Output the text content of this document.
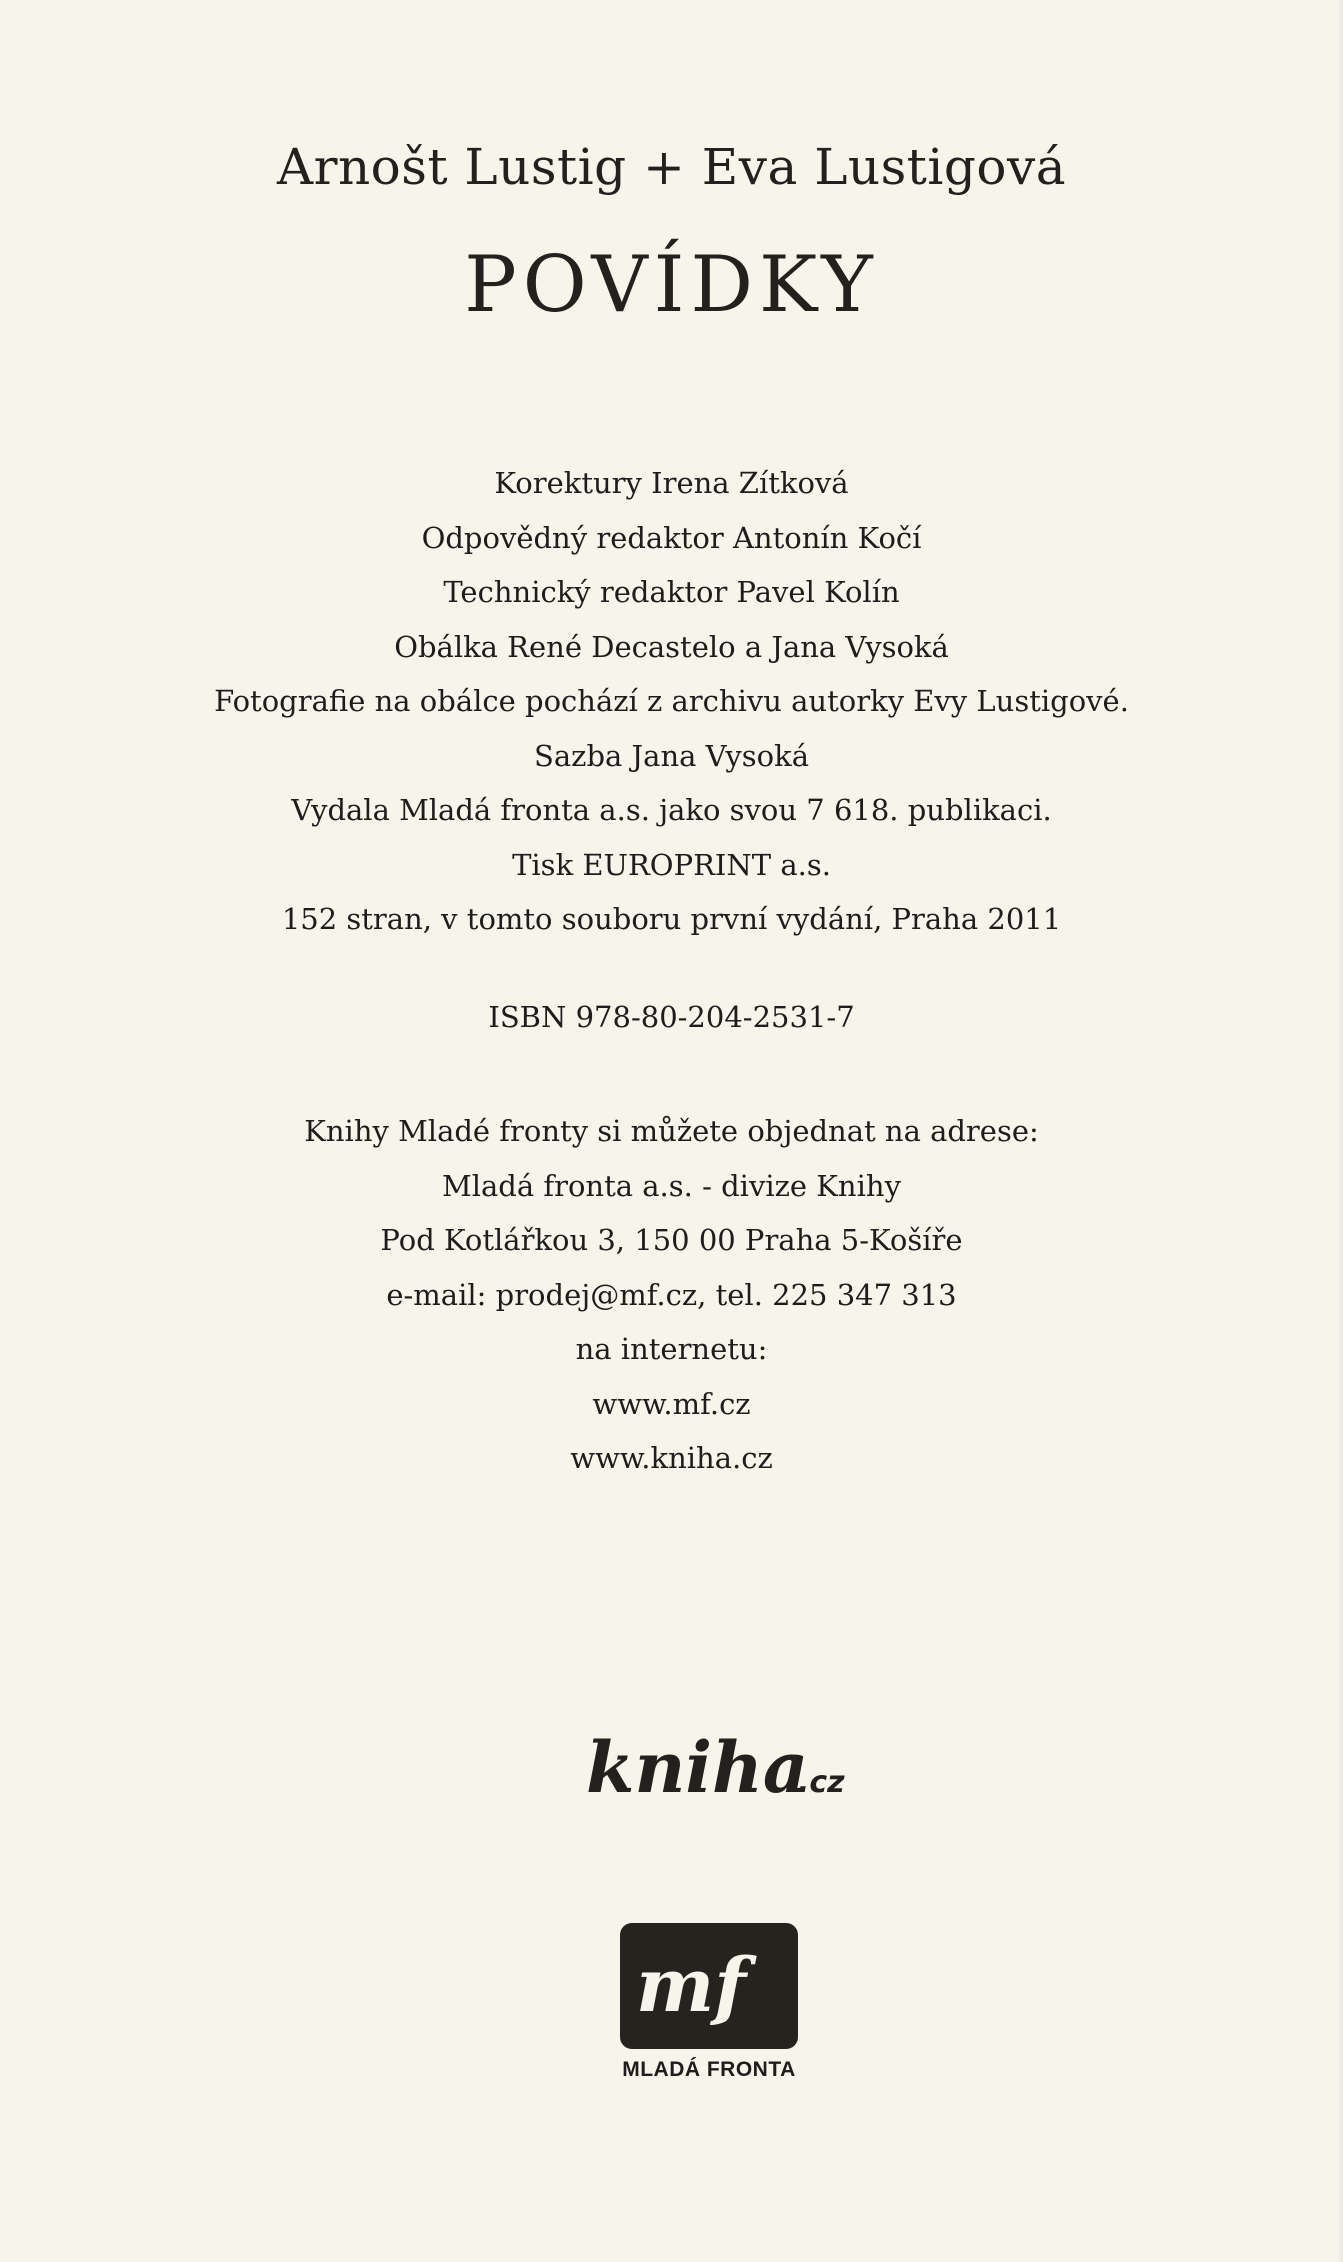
Arnošt Lustig + Eva Lustigová
POVÍDKY
Korektury Irena Zítková
Odpovědný redaktor Antonín Kočí
Technický redaktor Pavel Kolín
Obálka René Decastelo a Jana Vysoká
Fotografie na obálce pochází z archivu autorky Evy Lustigové.
Sazba Jana Vysoká
Vydala Mladá fronta a.s. jako svou 7 618. publikaci.
Tisk EUROPRINT a.s.
152 stran, v tomto souboru první vydání, Praha 2011
ISBN 978-80-204-2531-7
Knihy Mladé fronty si můžete objednat na adrese:
Mladá fronta a.s. - divize Knihy
Pod Kotlářkou 3, 150 00 Praha 5-Košíře
e-mail: prodej@mf.cz, tel. 225 347 313
na internetu:
www.mf.cz
www.kniha.cz
kniha
.cz
mf
MLADÁ FRONTA
